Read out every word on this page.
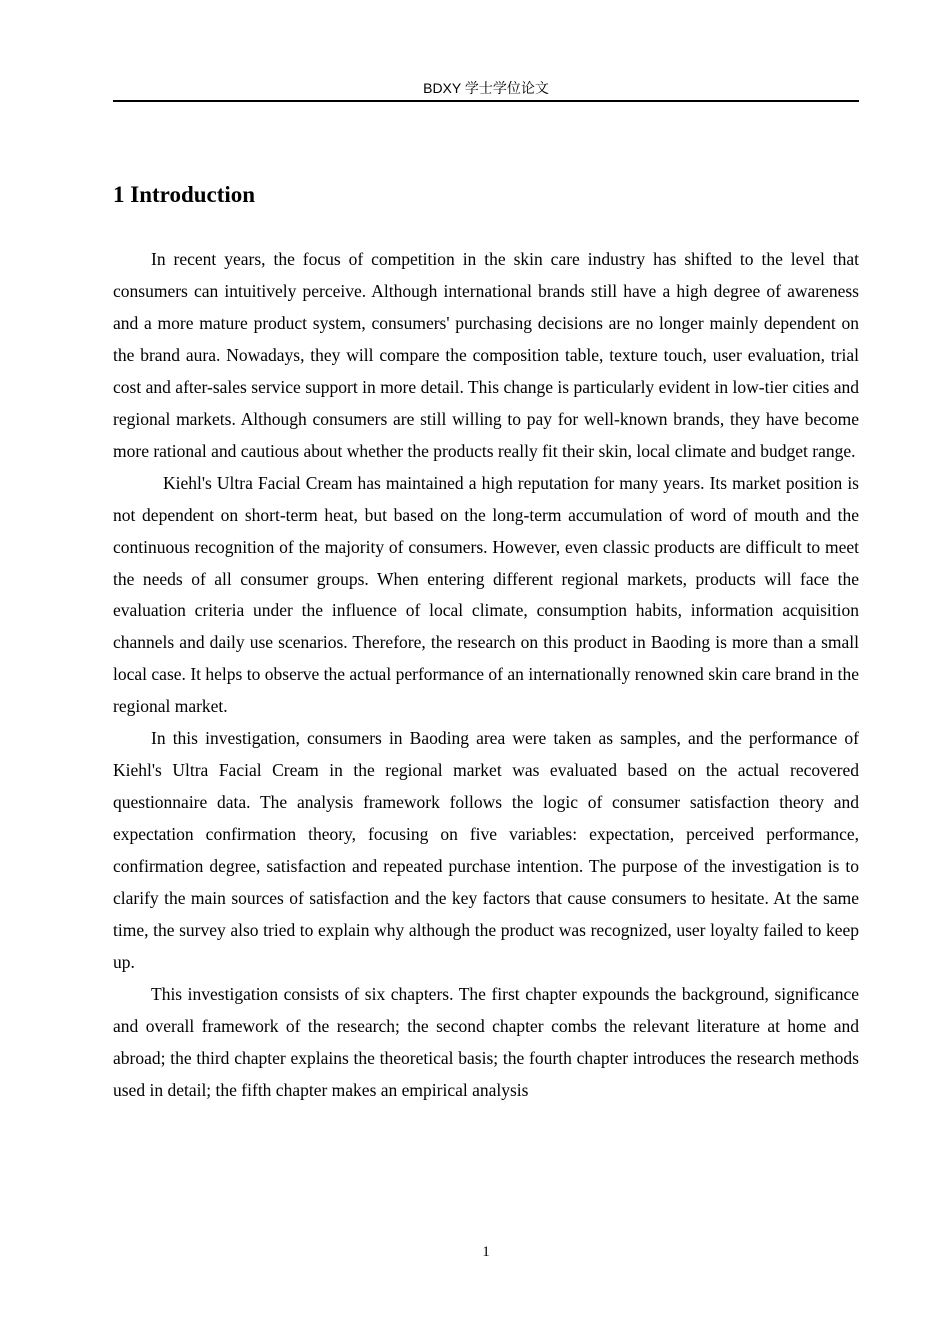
BDXY 学士学位论文
1 Introduction

In recent years, the focus of competition in the skin care industry has shifted to the level that consumers can intuitively perceive. Although international brands still have a high degree of awareness and a more mature product system, consumers' purchasing decisions are no longer mainly dependent on the brand aura. Nowadays, they will compare the composition table, texture touch, user evaluation, trial cost and after-sales service support in more detail. This change is particularly evident in low-tier cities and regional markets. Although consumers are still willing to pay for well-known brands, they have become more rational and cautious about whether the products really fit their skin, local climate and budget range.

Kiehl's Ultra Facial Cream has maintained a high reputation for many years. Its market position is not dependent on short-term heat, but based on the long-term accumulation of word of mouth and the continuous recognition of the majority of consumers. However, even classic products are difficult to meet the needs of all consumer groups. When entering different regional markets, products will face the evaluation criteria under the influence of local climate, consumption habits, information acquisition channels and daily use scenarios. Therefore, the research on this product in Baoding is more than a small local case. It helps to observe the actual performance of an internationally renowned skin care brand in the regional market.

In this investigation, consumers in Baoding area were taken as samples, and the performance of Kiehl's Ultra Facial Cream in the regional market was evaluated based on the actual recovered questionnaire data. The analysis framework follows the logic of consumer satisfaction theory and expectation confirmation theory, focusing on five variables: expectation, perceived performance, confirmation degree, satisfaction and repeated purchase intention. The purpose of the investigation is to clarify the main sources of satisfaction and the key factors that cause consumers to hesitate. At the same time, the survey also tried to explain why although the product was recognized, user loyalty failed to keep up.

This investigation consists of six chapters. The first chapter expounds the background, significance and overall framework of the research; the second chapter combs the relevant literature at home and abroad; the third chapter explains the theoretical basis; the fourth chapter introduces the research methods used in detail; the fifth chapter makes an empirical analysis

1
